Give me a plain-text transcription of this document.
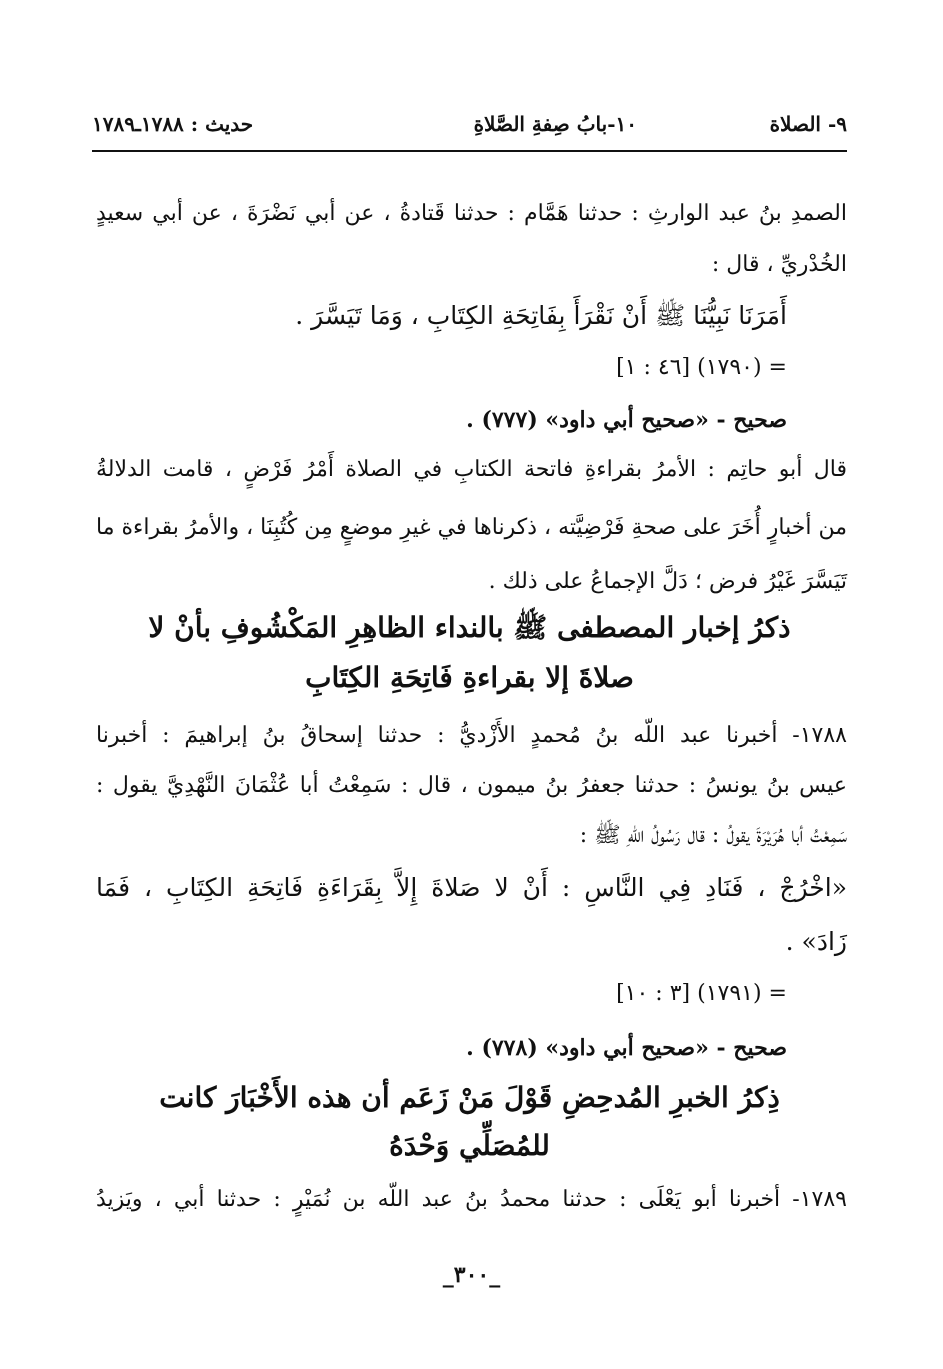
٩- الصلاة
١٠-بابُ صِفةِ الصَّلاةِ
حديث : ١٧٨٨ـ١٧٨٩
الصمدِ بنُ عبد الوارثِ : حدثنا هَمَّام : حدثنا قَتادةُ ، عن أبي نَضْرَةَ ، عن أبي سعيدٍ
الخُدْريِّ ، قال :
أَمَرَنَا نَبِيُّنَا ﷺ أَنْ نَقْرَأَ بِفَاتِحَةِ الكِتَابِ ، وَمَا تَيَسَّرَ .
= (١٧٩٠) [٤٦ : ١]
صحيح - «صحيح أبي داود» (٧٧٧) .
قال أبو حاتِم : الأمرُ بقراءةِ فاتحة الكتابِ في الصلاة أَمْرُ فَرْضٍ ، قامت الدلالةُ
من أخبارٍ أُخَرَ على صحةِ فَرْضِيَّته ، ذكرناها في غيرِ موضعٍ مِن كُتُبِنَا ، والأمرُ بقراءة ما
تَيَسَّرَ غَيْرُ فرض ؛ دَلَّ الإجماعُ على ذلك .
ذكرُ إخبار المصطفى ﷺ بالنداء الظاهِرِ المَكْشُوفِ بأنْ لا
صلاةَ إلا بقراءةِ فَاتِحَةِ الكِتَابِ
١٧٨٨- أخبرنا عبد اللّه بنُ مُحمدٍ الأَزْديُّ : حدثنا إسحاقُ بنُ إبراهيمَ : أخبرنا
عيس بنُ يونسُ : حدثنا جعفرُ بنُ ميمون ، قال : سَمِعْتُ أبا عُثْمَانَ النَّهْدِيَّ يقول :
سَمِعْتُ أبا هُرَيْرَةَ يقولُ : قال رَسُولُ اللّهِ ﷺ :
«اخْرُجْ ، فَنَادِ فِي النَّاسِ : أَنْ لا صَلاةَ إِلاَّ بِقَرَاءَةِ فَاتِحَةِ الكِتَابِ ، فَمَا
زَادَ» .
= (١٧٩١) [٣ : ١٠]
صحيح - «صحيح أبي داود» (٧٧٨) .
ذِكرُ الخبرِ المُدحِضِ قَوْلَ مَنْ زَعَم أن هذه الأَخْبَارَ كانت
للمُصَلِّي وَحْدَهُ
١٧٨٩- أخبرنا أبو يَعْلَى : حدثنا محمدُ بنُ عبد اللّه بن نُمَيْرٍ : حدثنا أبي ، ويَزيدُ
_٣٠٠_
